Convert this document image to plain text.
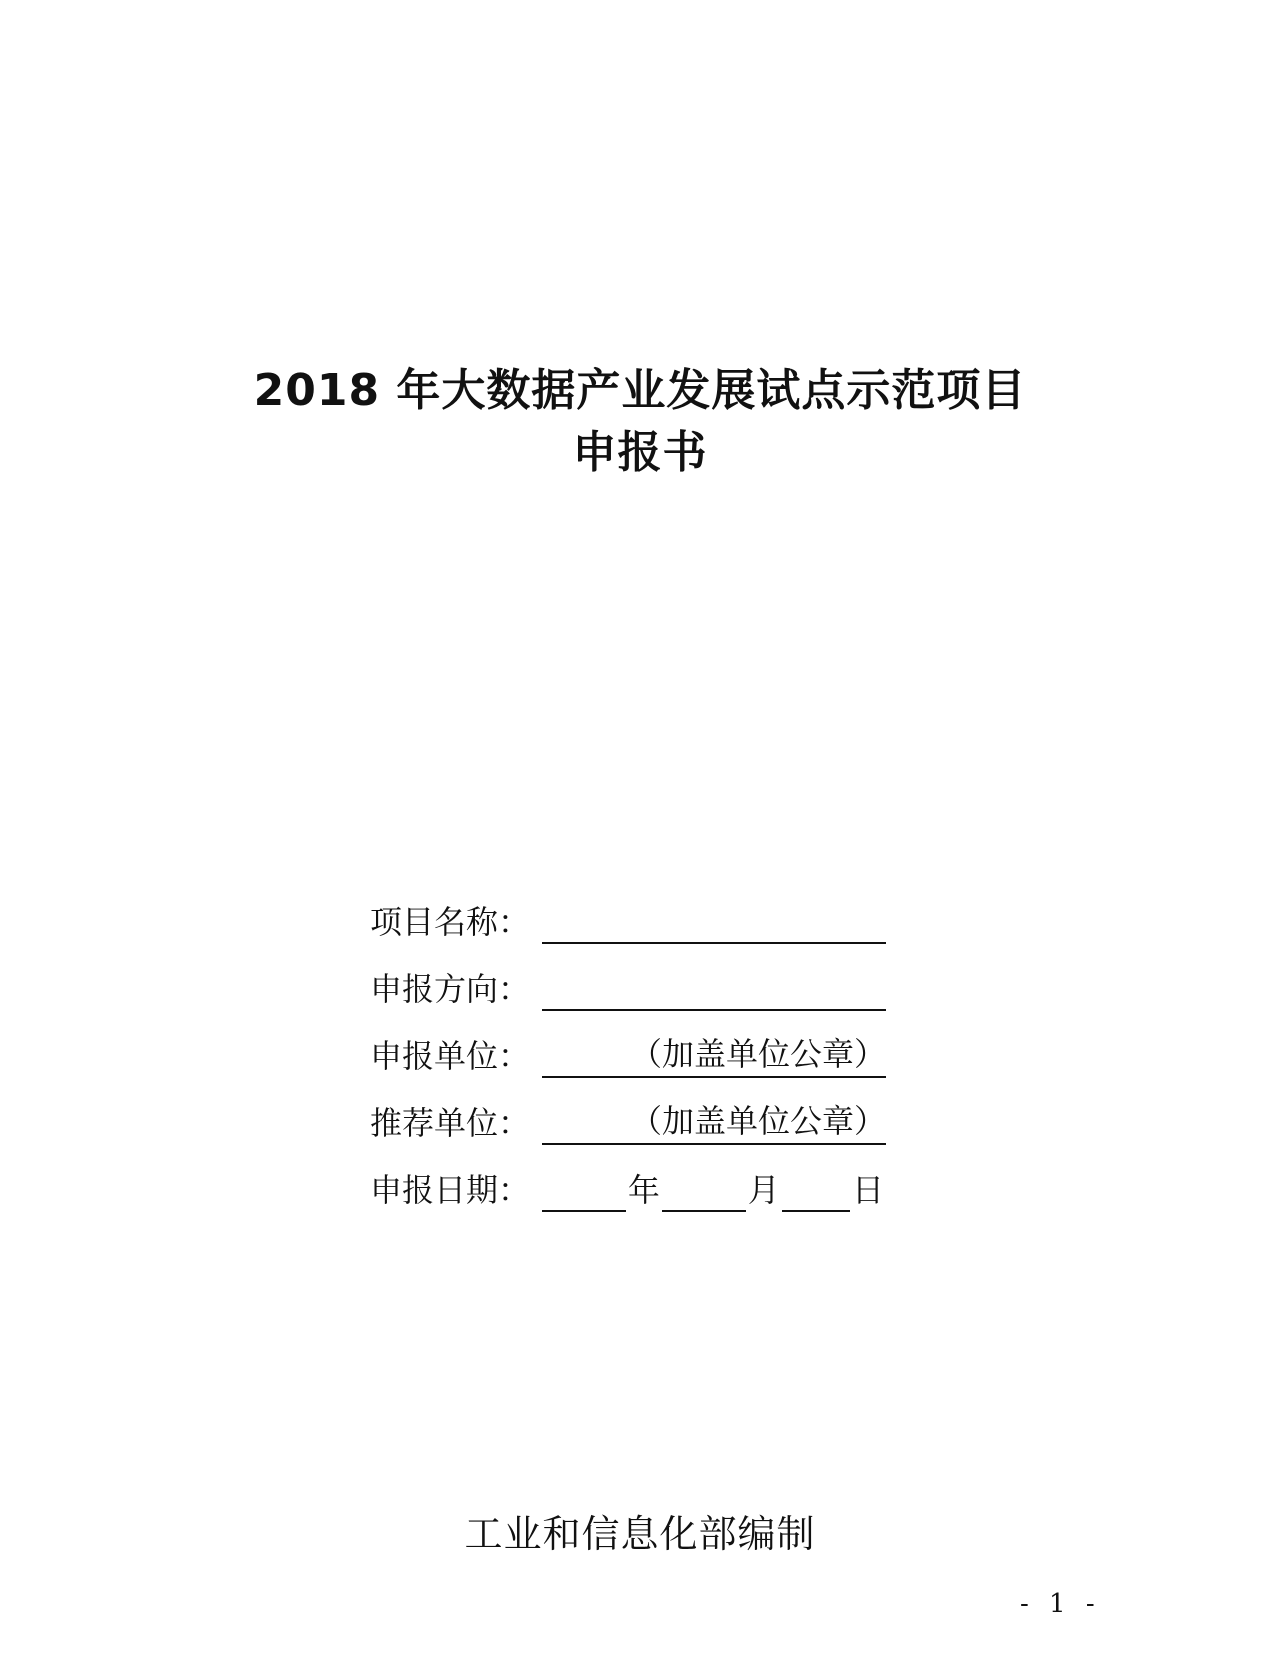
2018 年大数据产业发展试点示范项目
申报书
项目名称：
申报方向：
申报单位：	（加盖单位公章）
推荐单位：	（加盖单位公章）
申报日期：	年	月 日
工业和信息化部编制
- 1 -
